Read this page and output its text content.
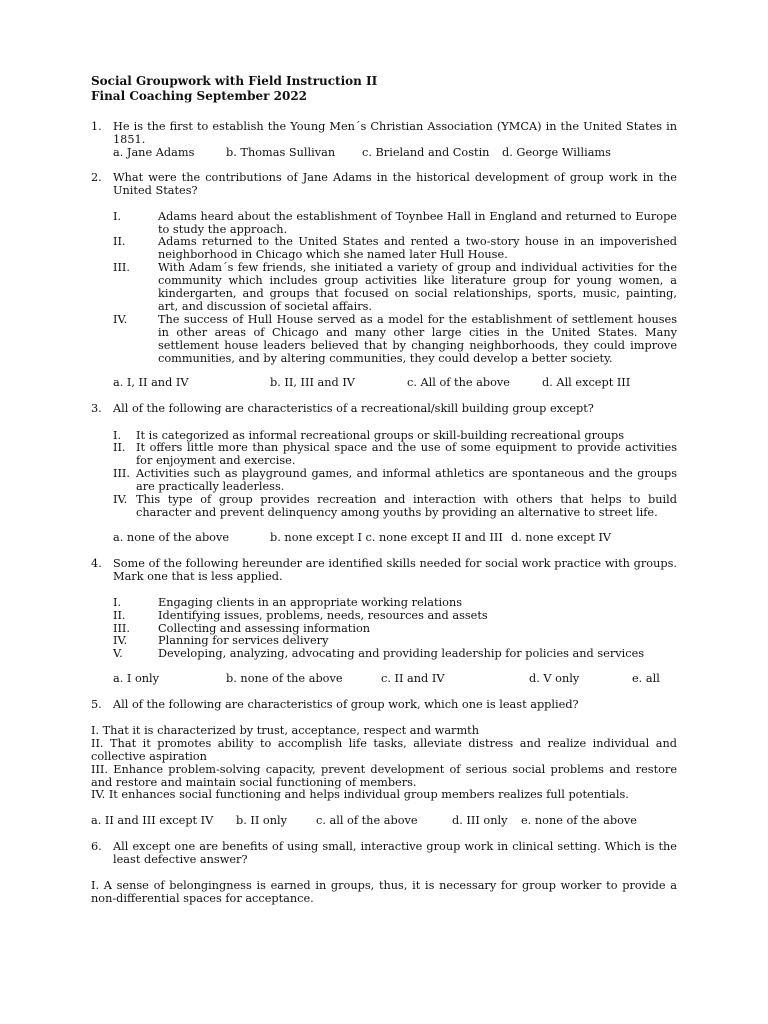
Social Groupwork with Field Instruction II
Final Coaching September 2022
1. He is the first to establish the Young Men´s Christian Association (YMCA) in the United States in 1851.
a. Jane Adams	b. Thomas Sullivan c. Brieland and Costin d. George Williams
2. What were the contributions of Jane Adams in the historical development of group work in the United States?
I.	Adams heard about the establishment of Toynbee Hall in England and returned to Europe to study the approach.
II.	Adams returned to the United States and rented a two-story house in an impoverished neighborhood in Chicago which she named later Hull House.
III. With Adam´s few friends, she initiated a variety of group and individual activities for the community which includes group activities like literature group for young women, a kindergarten, and groups that focused on social relationships, sports, music, painting, art, and discussion of societal affairs.
IV.	The success of Hull House served as a model for the establishment of settlement houses in other areas of Chicago and many other large cities in the United States. Many settlement house leaders believed that by changing neighborhoods, they could improve communities, and by altering communities, they could develop a better society.
a. I, II and IV	b. II, III and IV	c. All of the above	d. All except III
3. All of the following are characteristics of a recreational/skill building group except?
I. It is categorized as informal recreational groups or skill-building recreational groups
II. It offers little more than physical space and the use of some equipment to provide activities for enjoyment and exercise.
III. Activities such as playground games, and informal athletics are spontaneous and the groups are practically leaderless.
IV. This type of group provides recreation and interaction with others that helps to build character and prevent delinquency among youths by providing an alternative to street life.
a. none of the above	b. none except I c. none except II and III d. none except IV
4. Some of the following hereunder are identified skills needed for social work practice with groups. Mark one that is less applied.
I.	Engaging clients in an appropriate working relations
II.	Identifying issues, problems, needs, resources and assets
III. Collecting and assessing information
IV.	Planning for services delivery
V.	Developing, analyzing, advocating and providing leadership for policies and services
a. I only	b. none of the above	c. II and IV	d. V only	e. all
5. All of the following are characteristics of group work, which one is least applied?
I. That it is characterized by trust, acceptance, respect and warmth
II. That it promotes ability to accomplish life tasks, alleviate distress and realize individual and collective aspiration
III. Enhance problem-solving capacity, prevent development of serious social problems and restore and restore and maintain social functioning of members.
IV. It enhances social functioning and helps individual group members realizes full potentials.
a. II and III except IV b. II only	c. all of the above	d. III only e. none of the above
6. All except one are benefits of using small, interactive group work in clinical setting. Which is the least defective answer?
I. A sense of belongingness is earned in groups, thus, it is necessary for group worker to provide a non-differential spaces for acceptance.
